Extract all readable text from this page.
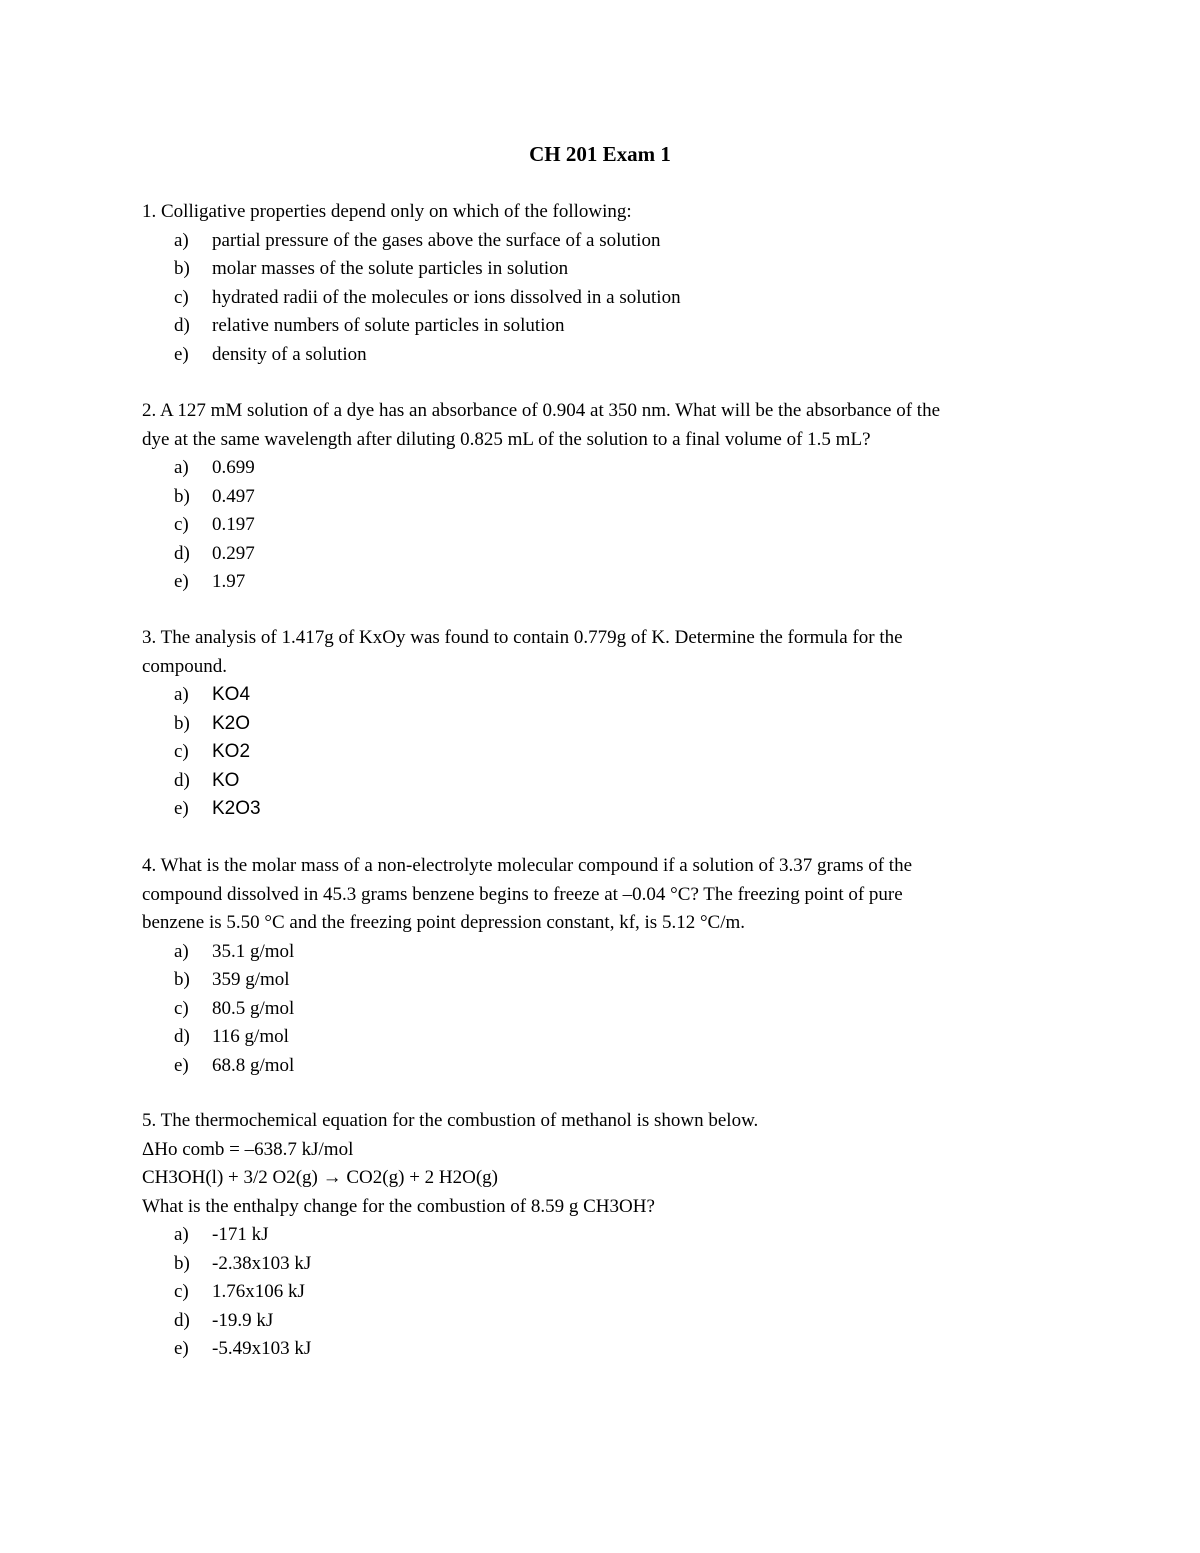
CH 201 Exam 1

1. Colligative properties depend only on which of the following:

a) partial pressure of the gases above the surface of a solution
b) molar masses of the solute particles in solution
c) hydrated radii of the molecules or ions dissolved in a solution
d) relative numbers of solute particles in solution
e) density of a solution

2. A 127 mM solution of a dye has an absorbance of 0.904 at 350 nm. What will be the absorbance of the
dye at the same wavelength after diluting 0.825 mL of the solution to a final volume of 1.5 mL?

a) 0.699
b) 0.497
c) 0.197
d) 0.297
e) 1.97

3. The analysis of 1.417g of KxOy was found to contain 0.779g of K. Determine the formula for the
compound.

a) KO4
b) K2O
c) KO2
d) KO
e) K2O3

4. What is the molar mass of a non-electrolyte molecular compound if a solution of 3.37 grams of the
compound dissolved in 45.3 grams benzene begins to freeze at –0.04 °C? The freezing point of pure
benzene is 5.50 °C and the freezing point depression constant, kf, is 5.12 °C/m.

a) 35.1 g/mol
b) 359 g/mol
c) 80.5 g/mol
d) 116 g/mol
e) 68.8 g/mol

5. The thermochemical equation for the combustion of methanol is shown below.
ΔHo comb = –638.7 kJ/mol
CH3OH(l) + 3/2 O2(g) → CO2(g) + 2 H2O(g)
What is the enthalpy change for the combustion of 8.59 g CH3OH?

a) -171 kJ
b) -2.38x103 kJ
c) 1.76x106 kJ
d) -19.9 kJ
e) -5.49x103 kJ
